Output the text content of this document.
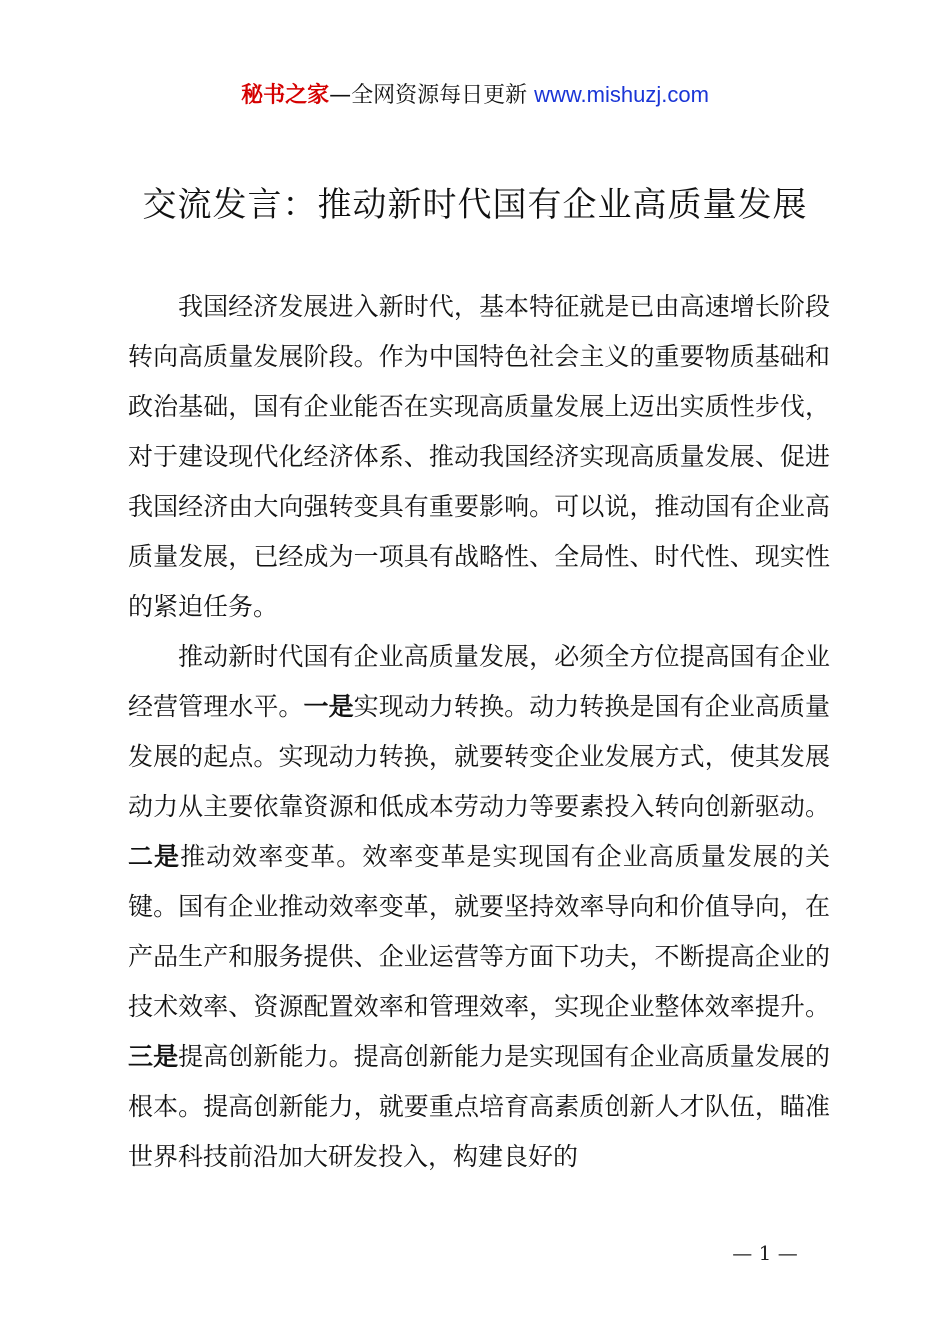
秘书之家—全网资源每日更新 www.mishuzj.com
交流发言：推动新时代国有企业高质量发展

我国经济发展进入新时代，基本特征就是已由高速增长阶段转向高质量发展阶段。作为中国特色社会主义的重要物质基础和政治基础，国有企业能否在实现高质量发展上迈出实质性步伐，对于建设现代化经济体系、推动我国经济实现高质量发展、促进我国经济由大向强转变具有重要影响。可以说，推动国有企业高质量发展，已经成为一项具有战略性、全局性、时代性、现实性的紧迫任务。

推动新时代国有企业高质量发展，必须全方位提高国有企业经营管理水平。一是实现动力转换。动力转换是国有企业高质量发展的起点。实现动力转换，就要转变企业发展方式，使其发展动力从主要依靠资源和低成本劳动力等要素投入转向创新驱动。二是推动效率变革。效率变革是实现国有企业高质量发展的关键。国有企业推动效率变革，就要坚持效率导向和价值导向，在产品生产和服务提供、企业运营等方面下功夫，不断提高企业的技术效率、资源配置效率和管理效率，实现企业整体效率提升。三是提高创新能力。提高创新能力是实现国有企业高质量发展的根本。提高创新能力，就要重点培育高素质创新人才队伍，瞄准世界科技前沿加大研发投入，构建良好的

— 1 —
